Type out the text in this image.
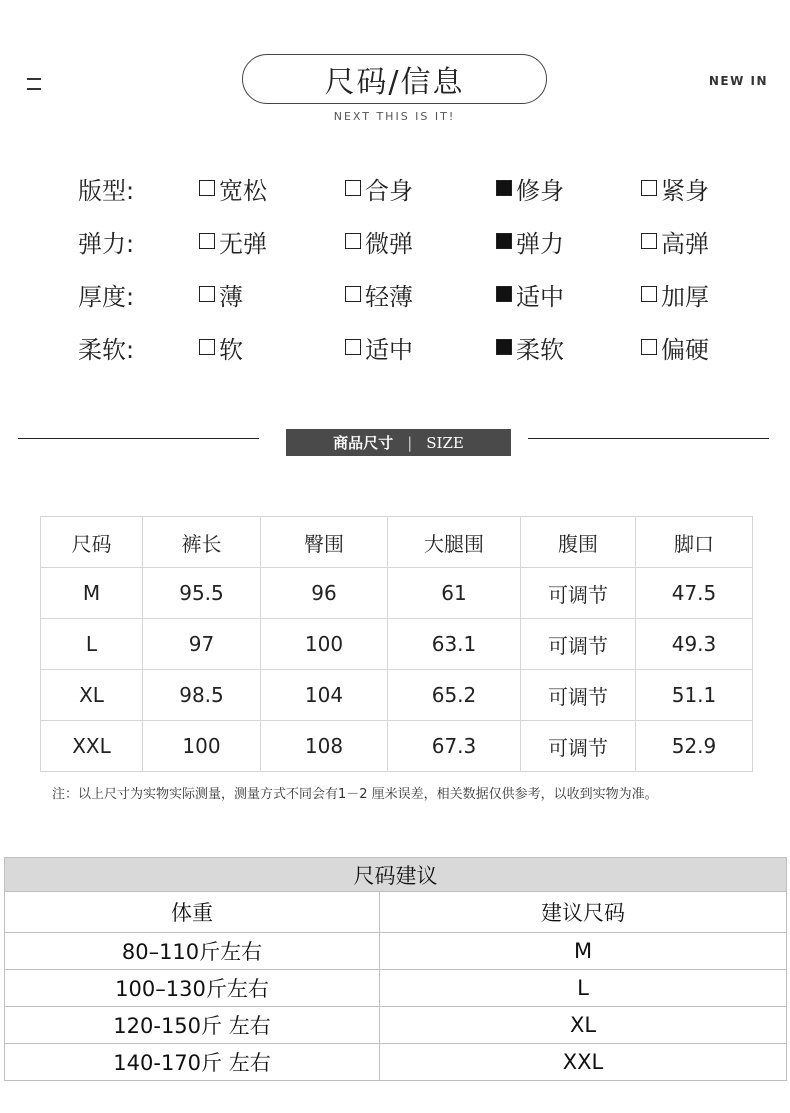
尺码/信息
NEXT THIS IS IT!
NEW IN
版型:	宽松	合身	修身	紧身
弹力:	无弹	微弹	弹力	高弹
厚度:	薄	轻薄	适中	加厚
柔软:	软	适中	柔软	偏硬
商品尺寸 | SIZE
尺码	裤长	臀围	大腿围	腹围	脚口
M	95.5	96	61	可调节	47.5
L	97	100	63.1	可调节	49.3
XL	98.5	104	65.2	可调节	51.1
XXL	100	108	67.3	可调节	52.9
注：以上尺寸为实物实际测量，测量方式不同会有1－2 厘米误差，相关数据仅供参考，以收到实物为准。
尺码建议	
体重	建议尺码
80–110斤左右	M
100–130斤左右	L
120-150斤 左右	XL
140-170斤 左右	XXL
